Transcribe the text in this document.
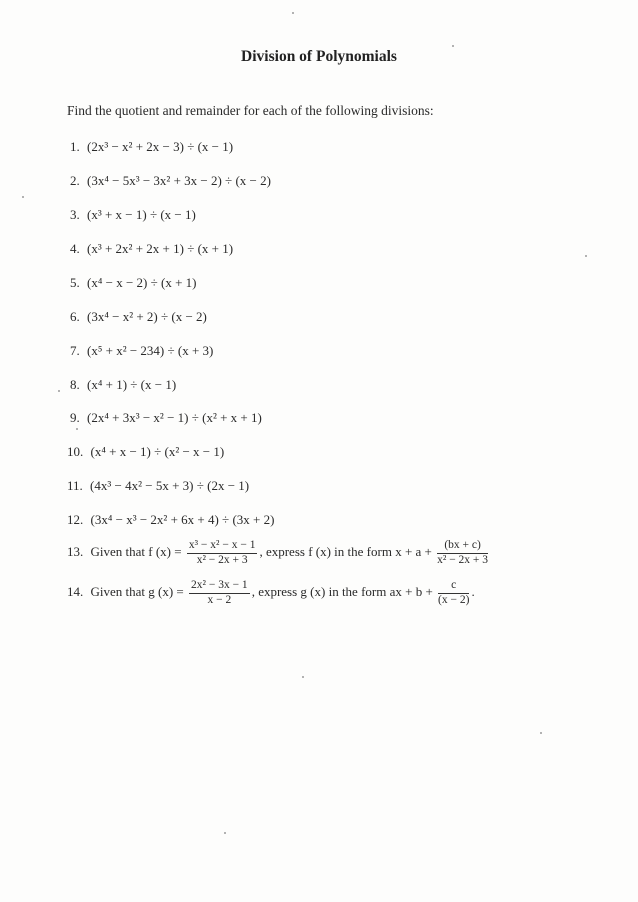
Division of Polynomials
Find the quotient and remainder for each of the following divisions:
1. (2x³ − x² + 2x − 3) ÷ (x − 1)
2. (3x⁴ − 5x³ − 3x² + 3x − 2) ÷ (x − 2)
3. (x³ + x − 1) ÷ (x − 1)
4. (x³ + 2x² + 2x + 1) ÷ (x + 1)
5. (x⁴ − x − 2) ÷ (x + 1)
6. (3x⁴ − x² + 2) ÷ (x − 2)
7. (x⁵ + x² − 234) ÷ (x + 3)
8. (x⁴ + 1) ÷ (x − 1)
9. (2x⁴ + 3x³ − x² − 1) ÷ (x² + x + 1)
10. (x⁴ + x − 1) ÷ (x² − x − 1)
11. (4x³ − 4x² − 5x + 3) ÷ (2x − 1)
12. (3x⁴ − x³ − 2x² + 6x + 4) ÷ (3x + 2)
13. Given that f $(x) = \frac{\text{x³ − x² − x − 1}}{\text{x² − 2x + 3}}$ , express f (x) in the form $x + a + \frac{(bx + c)}{\text{x² − 2x + 3}}$
14. Given that g $(x) = \frac{\text{2x² − 3x − 1}}{x - 2}$ , express g (x) in the form ax + $b + \frac{c}{(x - 2)}$ .
